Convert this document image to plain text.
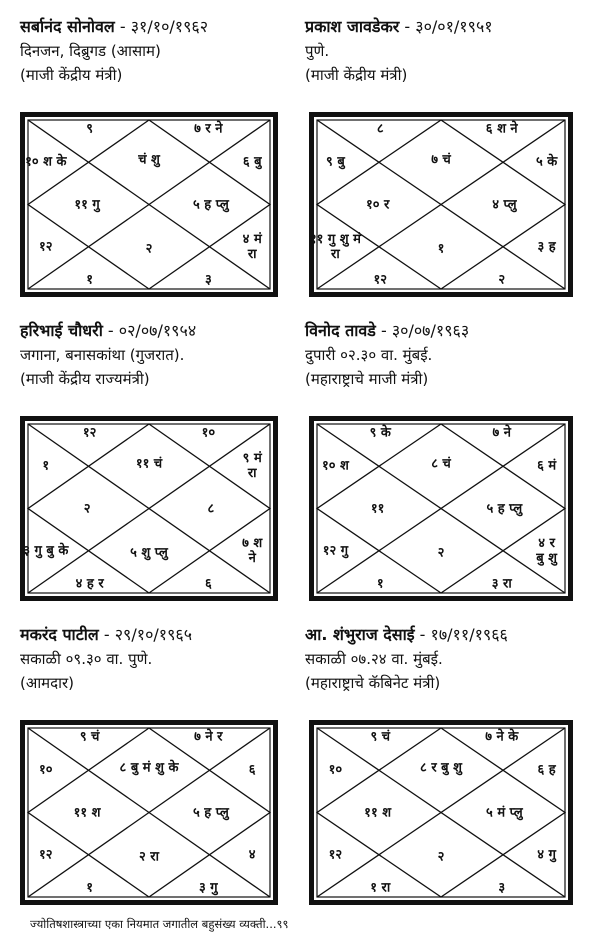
सर्बानंद सोनोवल - ३१/१०/१९६२
दिनजन, दिब्रुगड (आसाम)
(माजी केंद्रीय मंत्री)
चं शु
९
१० श के
११ गु
१२
१
२
३
४ मं रा
५ ह प्लु
६ बु
७ र ने
प्रकाश जावडेकर - ३०/०१/१९५१
पुणे.
(माजी केंद्रीय मंत्री)
७ चं
८
९ बु
१० र
११ गु शु मं रा
१२
१
२
३ ह
४ प्लु
५ के
६ श ने
हरिभाई चौधरी - ०२/०७/१९५४
जगाना, बनासकांथा (गुजरात).
(माजी केंद्रीय राज्यमंत्री)
११ चं
१२
१
२
३ गु बु के
४ ह र
५ शु प्लु
६
७ श ने
८
९ मं रा
१०
विनोद तावडे - ३०/०७/१९६३
दुपारी ०२.३० वा. मुंबई.
(महाराष्ट्राचे माजी मंत्री)
८ चं
९ के
१० श
११
१२ गु
१
२
३ रा
४ र बु शु
५ ह प्लु
६ मं
७ ने
मकरंद पाटील - २९/१०/१९६५
सकाळी ०९.३० वा. पुणे.
(आमदार)
८ बु मं शु के
९ चं
१०
११ श
१२
१
२ रा
३ गु
४
५ ह प्लु
६
७ ने र
आ. शंभुराज देसाई - १७/११/१९६६
सकाळी ०७.२४ वा. मुंबई.
(महाराष्ट्राचे कॅबिनेट मंत्री)
८ र बु शु
९ चं
१०
११ श
१२
१ रा
२
३
४ गु
५ मं प्लु
६ ह
७ ने के
ज्योतिषशास्त्राच्या एका नियमात जगातील बहुसंख्य व्यक्ती...९९
